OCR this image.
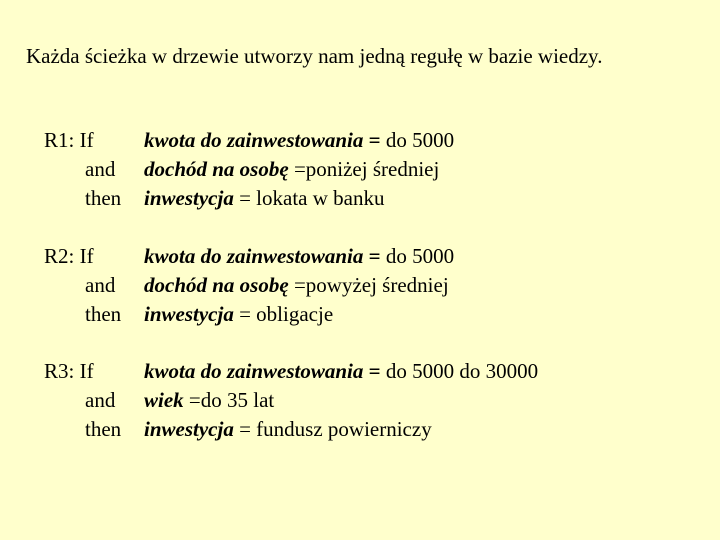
Każda ścieżka w drzewie utworzy nam jedną regułę w bazie wiedzy.

R1: If kwota do zainwestowania = do 5000
and dochód na osobę =poniżej średniej
then inwestycja = lokata w banku
R2: If kwota do zainwestowania = do 5000
and dochód na osobę =powyżej średniej
then inwestycja = obligacje
R3: If kwota do zainwestowania = do 5000 do 30000
and wiek =do 35 lat
then inwestycja = fundusz powierniczy
